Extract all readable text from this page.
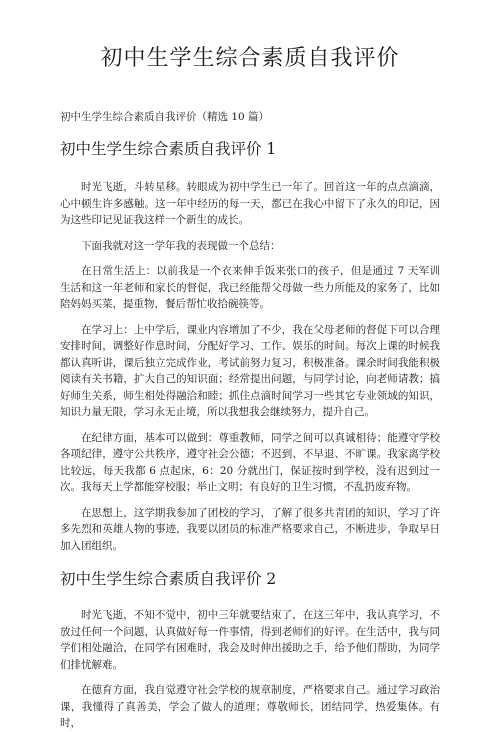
初中生学生综合素质自我评价

初中生学生综合素质自我评价（精选 10 篇）

初中生学生综合素质自我评价 1

时光飞逝，斗转星移。转眼成为初中学生已一年了。回首这一年的点点滴滴，心中顿生许多感触。这一年中经历的每一天，都已在我心中留下了永久的印记，因为这些印记见证我这样一个新生的成长。

下面我就对这一学年我的表现做一个总结：

在日常生活上：以前我是一个衣来伸手饭来张口的孩子，但是通过 7 天军训生活和这一年老师和家长的督促，我已经能帮父母做一些力所能及的家务了，比如陪妈妈买菜，提重物，餐后帮忙收拾碗筷等。

在学习上：上中学后，课业内容增加了不少，我在父母老师的督促下可以合理安排时间，调整好作息时间，分配好学习、工作、娱乐的时间。每次上课的时候我都认真听讲，课后独立完成作业，考试前努力复习，积极准备。课余时间我能积极阅读有关书籍，扩大自己的知识面；经常提出问题，与同学讨论，向老师请教；搞好师生关系，师生相处得融洽和睦；抓住点滴时间学习一些其它专业领域的知识，知识力量无限，学习永无止境，所以我想我会继续努力，提升自己。

在纪律方面，基本可以做到：尊重教师，同学之间可以真诚相待；能遵守学校各项纪律，遵守公共秩序，遵守社会公德；不迟到、不早退、不旷课。我家离学校比较远，每天我都 6 点起床，6：20 分就出门，保证按时到学校，没有迟到过一次。我每天上学都能穿校服；举止文明；有良好的卫生习惯，不乱扔废弃物。

在思想上，这学期我参加了团校的学习，了解了很多共青团的知识，学习了许多先烈和英雄人物的事迹，我要以团员的标准严格要求自己，不断进步，争取早日加入团组织。

初中生学生综合素质自我评价 2

时光飞逝，不知不觉中，初中三年就要结束了，在这三年中，我认真学习，不放过任何一个问题，认真做好每一件事情，得到老师们的好评。在生活中，我与同学们相处融洽，在同学有困难时，我会及时伸出援助之手，给予他们帮助，为同学们排忧解难。

在德育方面，我自觉遵守社会学校的规章制度，严格要求自己。通过学习政治课，我懂得了真善美，学会了做人的道理；尊敬师长，团结同学，热爱集体。有时，
